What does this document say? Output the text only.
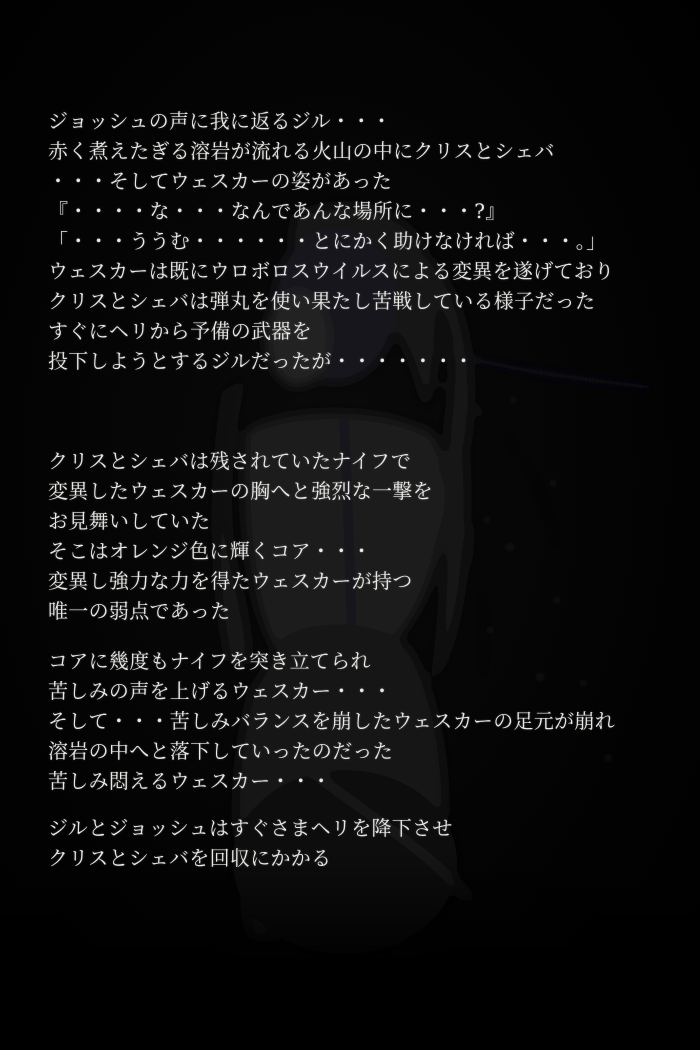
ジョッシュの声に我に返るジル・・・
赤く煮えたぎる溶岩が流れる火山の中にクリスとシェバ
・・・そしてウェスカーの姿があった
『・・・・な・・・なんであんな場所に・・・?』
「・・・ううむ・・・・・・とにかく助けなければ・・・。」
ウェスカーは既にウロボロスウイルスによる変異を遂げており
クリスとシェバは弾丸を使い果たし苦戦している様子だった
すぐにヘリから予備の武器を
投下しようとするジルだったが・・・・・・・
クリスとシェバは残されていたナイフで
変異したウェスカーの胸へと強烈な一撃を
お見舞いしていた
そこはオレンジ色に輝くコア・・・
変異し強力な力を得たウェスカーが持つ
唯一の弱点であった
コアに幾度もナイフを突き立てられ
苦しみの声を上げるウェスカー・・・
そして・・・苦しみバランスを崩したウェスカーの足元が崩れ
溶岩の中へと落下していったのだった
苦しみ悶えるウェスカー・・・
ジルとジョッシュはすぐさまヘリを降下させ
クリスとシェバを回収にかかる
